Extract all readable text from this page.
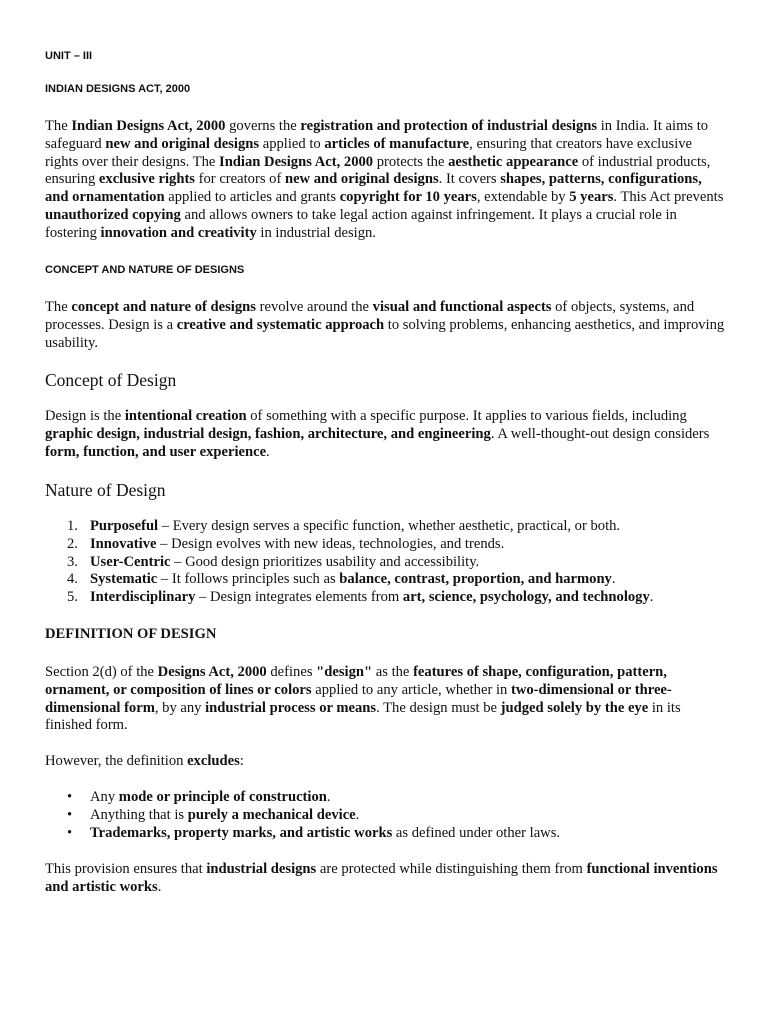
UNIT – III
INDIAN DESIGNS ACT, 2000

The Indian Designs Act, 2000 governs the registration and protection of industrial designs in India. It aims to safeguard new and original designs applied to articles of manufacture, ensuring that creators have exclusive rights over their designs. The Indian Designs Act, 2000 protects the aesthetic appearance of industrial products, ensuring exclusive rights for creators of new and original designs. It covers shapes, patterns, configurations, and ornamentation applied to articles and grants copyright for 10 years, extendable by 5 years. This Act prevents unauthorized copying and allows owners to take legal action against infringement. It plays a crucial role in fostering innovation and creativity in industrial design.

CONCEPT AND NATURE OF DESIGNS

The concept and nature of designs revolve around the visual and functional aspects of objects, systems, and processes. Design is a creative and systematic approach to solving problems, enhancing aesthetics, and improving usability.

Concept of Design

Design is the intentional creation of something with a specific purpose. It applies to various fields, including graphic design, industrial design, fashion, architecture, and engineering. A well-thought-out design considers form, function, and user experience.

Nature of Design
1. Purposeful – Every design serves a specific function, whether aesthetic, practical, or both.
2. Innovative – Design evolves with new ideas, technologies, and trends.
3. User-Centric – Good design prioritizes usability and accessibility.
4. Systematic – It follows principles such as balance, contrast, proportion, and harmony.
5. Interdisciplinary – Design integrates elements from art, science, psychology, and technology.
DEFINITION OF DESIGN

Section 2(d) of the Designs Act, 2000 defines "design" as the features of shape, configuration, pattern, ornament, or composition of lines or colors applied to any article, whether in two-dimensional or three-dimensional form, by any industrial process or means. The design must be judged solely by the eye in its finished form.

However, the definition excludes:

• Any mode or principle of construction.
• Anything that is purely a mechanical device.
• Trademarks, property marks, and artistic works as defined under other laws.

This provision ensures that industrial designs are protected while distinguishing them from functional inventions and artistic works.
